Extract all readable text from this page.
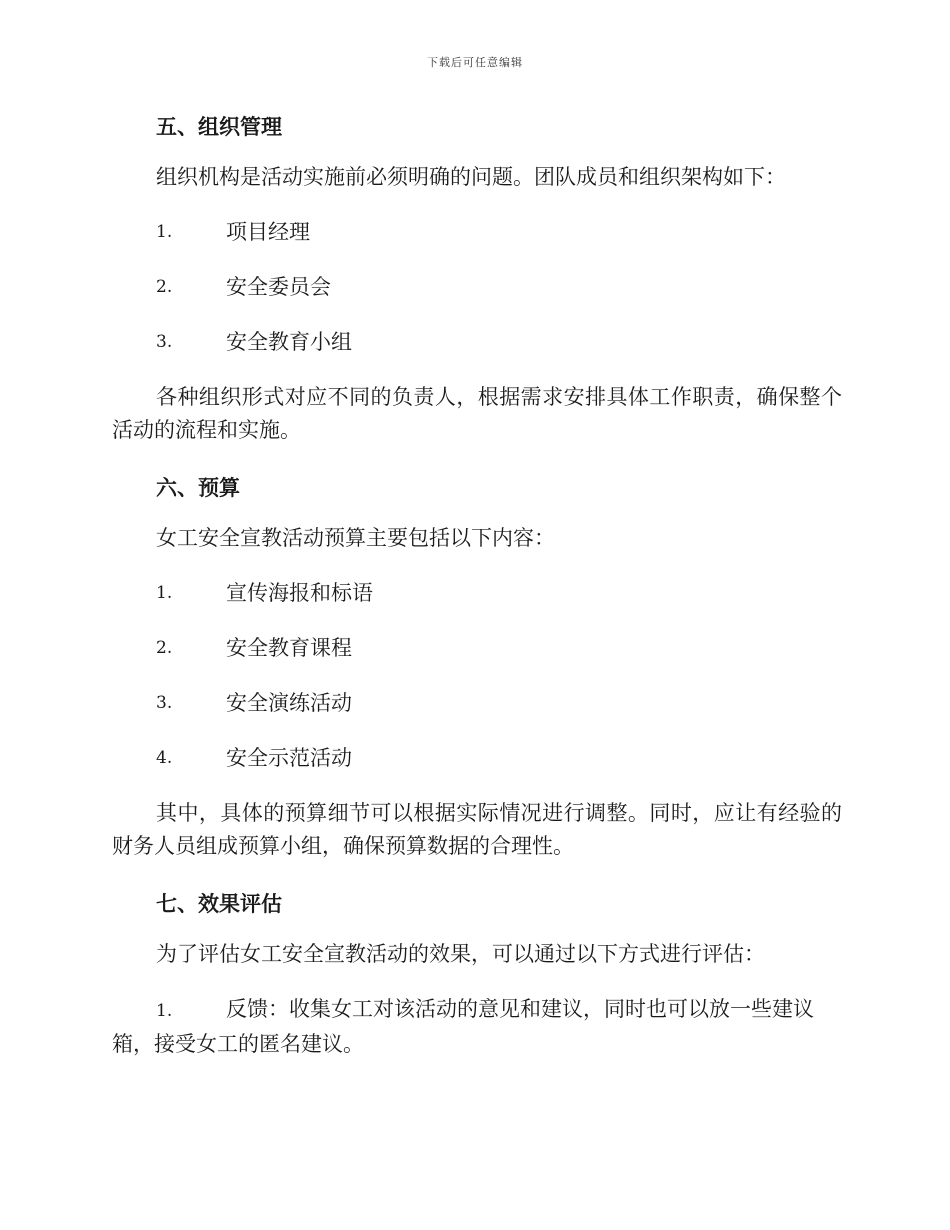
下载后可任意编辑
五、组织管理
组织机构是活动实施前必须明确的问题。团队成员和组织架构如下：
1.	项目经理
2.	安全委员会
3.	安全教育小组
各种组织形式对应不同的负责人，根据需求安排具体工作职责，确保整个活动的流程和实施。
六、预算
女工安全宣教活动预算主要包括以下内容：
1.	宣传海报和标语
2.	安全教育课程
3.	安全演练活动
4.	安全示范活动
其中，具体的预算细节可以根据实际情况进行调整。同时，应让有经验的财务人员组成预算小组，确保预算数据的合理性。
七、效果评估
为了评估女工安全宣教活动的效果，可以通过以下方式进行评估：
1.	反馈：收集女工对该活动的意见和建议，同时也可以放一些建议箱，接受女工的匿名建议。
